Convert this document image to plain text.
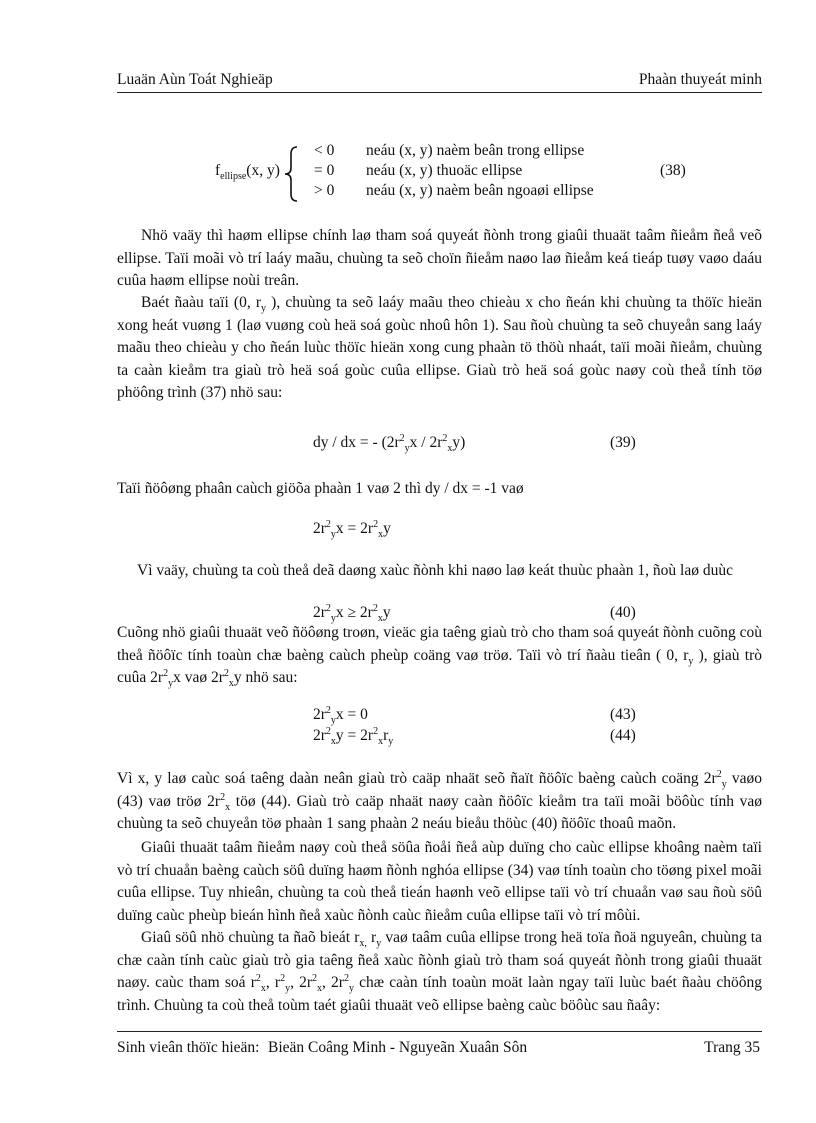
Luaän Aùn Toát Nghieäp	Phaàn thuyeát minh
$f_{ellipse}(x$, y)
< 0 neáu (x, y) naèm beân trong ellipse
= 0 neáu (x, y) thuoäc ellipse
> 0 neáu (x, y) naèm beân ngoaøi ellipse
(38)

Nhö vaäy thì haøm ellipse chính laø tham soá quyeát ñònh trong giaûi thuaät taâm ñieåm ñeå veõ ellipse. Taïi moãi vò trí laáy maãu, chuùng ta seõ choïn ñieåm naøo laø ñieåm keá tieáp tuøy vaøo daáu cuûa haøm ellipse noùi treân.

Baét ñaàu taïi (0, $r_y$ ), chuùng ta seõ laáy maãu theo chieàu x cho ñeán khi chuùng ta thöïc hieän xong heát vuøng 1 (laø vuøng coù heä soá goùc nhoû hôn 1). Sau ñoù chuùng ta seõ chuyeån sang laáy maãu theo chieàu y cho ñeán luùc thöïc hieän xong cung phaàn tö thöù nhaát, taïi moãi ñieåm, chuùng ta caàn kieåm tra giaù trò heä soá goùc cuûa ellipse. Giaù trò heä soá goùc naøy coù theå tính töø phöông trình (37) nhö sau:

dy / dx = - $(2r^2_yx / 2r^2_xy)$	(39)
Taïi ñöôøng phaân caùch giöõa phaàn 1 vaø 2 thì dy / dx = -1 vaø
$2r^2_yx = 2r^2_xy$
Vì vaäy, chuùng ta coù theå deã daøng xaùc ñònh khi naøo laø keát thuùc phaàn 1, ñoù laø duùc
$2r^2_yx \ge 2r^2_xy$	(40)

Cuõng nhö giaûi thuaät veõ ñöôøng troøn, vieäc gia taêng giaù trò cho tham soá quyeát ñònh cuõng coù theå ñöôïc tính toaùn chæ baèng caùch pheùp coäng vaø tröø. Taïi vò trí ñaàu tieân ( 0, $r_y$ ), giaù trò cuûa $2r^2_yx$ vaø $2r^2_xy$ nhö sau:

$2r^2_yx = 0$	(43)
$2r^2_xy = 2r^2_xr_y$	(44)

Vì x, y laø caùc soá taêng daàn neân giaù trò caäp nhaät seõ ñaït ñöôïc baèng caùch coäng $2r^2_y$ vaøo (43) vaø tröø $2r^2_x$ töø (44). Giaù trò caäp nhaät naøy caàn ñöôïc kieåm tra taïi moãi böôùc tính vaø chuùng ta seõ chuyeån töø phaàn 1 sang phaàn 2 neáu bieåu thöùc (40) ñöôïc thoaû maõn.

Giaûi thuaät taâm ñieåm naøy coù theå söûa ñoåi ñeå aùp duïng cho caùc ellipse khoâng naèm taïi vò trí chuaån baèng caùch söû duïng haøm ñònh nghóa ellipse (34) vaø tính toaùn cho töøng pixel moãi cuûa ellipse. Tuy nhieân, chuùng ta coù theå tieán haønh veõ ellipse taïi vò trí chuaån vaø sau ñoù söû duïng caùc pheùp bieán hình ñeå xaùc ñònh caùc ñieåm cuûa ellipse taïi vò trí môùi.

Giaû söû nhö chuùng ta ñaõ bieát $r_{x,}$ $r_y$ vaø taâm cuûa ellipse trong heä toïa ñoä nguyeân, chuùng ta chæ caàn tính caùc giaù trò gia taêng ñeå xaùc ñònh giaù trò tham soá quyeát ñònh trong giaûi thuaät naøy. caùc tham soá $r^2_x$, $r^2_y$, $2r^2_x$, $2r^2_y$ chæ caàn tính toaùn moät laàn ngay taïi luùc baét ñaàu chöông trình. Chuùng ta coù theå toùm taét giaûi thuaät veõ ellipse baèng caùc böôùc sau ñaây:

Sinh vieân thöïc hieän: Bieän Coâng Minh - Nguyeãn Xuaân Sôn	Trang 35
